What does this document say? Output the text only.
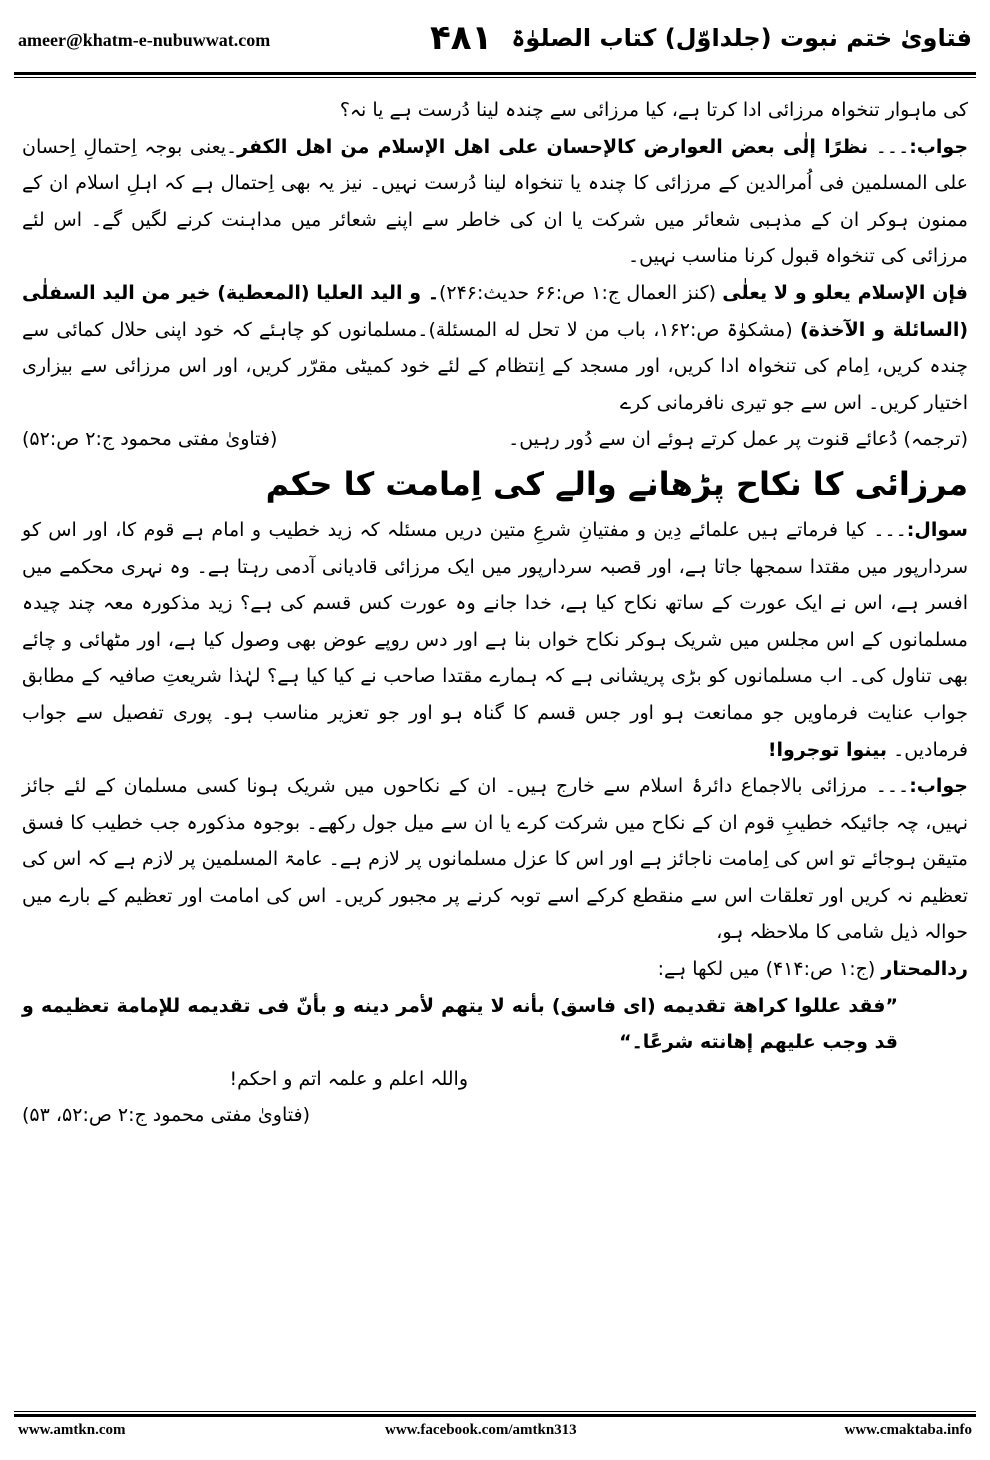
ameer@khatm-e-nubuwwat.com	۴۸۱ فتاویٰ ختم نبوت (جلداوّل) کتاب الصلوٰۃ

کی ماہوار تنخواہ مرزائی ادا کرتا ہے، کیا مرزائی سے چندہ لینا دُرست ہے یا نہ؟

جواب:۔۔۔ نظرًا إلٰی بعض العوارض کالإحسان علی اھل الإسلام من اھل الکفر۔یعنی بوجہ اِحتمالِ اِحسان علی المسلمین فی اُمرالدین کے مرزائی کا چندہ یا تنخواہ لینا دُرست نہیں۔ نیز یہ بھی اِحتمال ہے کہ اہلِ اسلام ان کے ممنون ہوکر ان کے مذہبی شعائر میں شرکت یا ان کی خاطر سے اپنے شعائر میں مداہنت کرنے لگیں گے۔ اس لئے مرزائی کی تنخواہ قبول کرنا مناسب نہیں۔

فإن الإسلام یعلو و لا یعلٰی (کنز العمال ج:۱ ص:۶۶ حدیث:۲۴۶)۔ و الید العلیا (المعطیة) خیر من الید السفلٰی (السائلة و الآخذة) (مشکوٰۃ ص:۱۶۲، باب من لا تحل له المسئلة)۔مسلمانوں کو چاہئے کہ خود اپنی حلال کمائی سے چندہ کریں، اِمام کی تنخواہ ادا کریں، اور مسجد کے اِنتظام کے لئے خود کمیٹی مقرّر کریں، اور اس مرزائی سے بیزاری اختیار کریں۔ اس سے جو تیری نافرمانی کرے

(ترجمہ) دُعائے قنوت پر عمل کرتے ہوئے ان سے دُور رہیں۔
(فتاویٰ مفتی محمود ج:۲ ص:۵۲)
مرزائی کا نکاح پڑھانے والے کی اِمامت کا حکم

سوال:۔۔۔ کیا فرماتے ہیں علمائے دِین و مفتیانِ شرعِ متین دریں مسئلہ کہ زید خطیب و امام ہے قوم کا، اور اس کو سردارپور میں مقتدا سمجھا جاتا ہے، اور قصبہ سردارپور میں ایک مرزائی قادیانی آدمی رہتا ہے۔ وہ نہری محکمے میں افسر ہے، اس نے ایک عورت کے ساتھ نکاح کیا ہے، خدا جانے وہ عورت کس قسم کی ہے؟ زید مذکورہ معہ چند چیدہ مسلمانوں کے اس مجلس میں شریک ہوکر نکاح خواں بنا ہے اور دس روپے عوض بھی وصول کیا ہے، اور مٹھائی و چائے بھی تناول کی۔ اب مسلمانوں کو بڑی پریشانی ہے کہ ہمارے مقتدا صاحب نے کیا کیا ہے؟ لہٰذا شریعتِ صافیہ کے مطابق جواب عنایت فرماویں جو ممانعت ہو اور جس قسم کا گناہ ہو اور جو تعزیر مناسب ہو۔ پوری تفصیل سے جواب فرمادیں۔ بینوا توجروا!

جواب:۔۔۔ مرزائی بالاجماع دائرۂ اسلام سے خارج ہیں۔ ان کے نکاحوں میں شریک ہونا کسی مسلمان کے لئے جائز نہیں، چہ جائیکہ خطیبِ قوم ان کے نکاح میں شرکت کرے یا ان سے میل جول رکھے۔ بوجوہ مذکورہ جب خطیب کا فسق متیقن ہوجائے تو اس کی اِمامت ناجائز ہے اور اس کا عزل مسلمانوں پر لازم ہے۔ عامۃ المسلمین پر لازم ہے کہ اس کی تعظیم نہ کریں اور تعلقات اس سے منقطع کرکے اسے توبہ کرنے پر مجبور کریں۔ اس کی امامت اور تعظیم کے بارے میں حوالہ ذیل شامی کا ملاحظہ ہو،

ردالمحتار (ج:۱ ص:۴۱۴) میں لکھا ہے:

”فقد عللوا کراهة تقدیمه (ای فاسق) بأنه لا یتهم لأمر دینه و بأنّ فی تقدیمه للإمامة تعظیمه و قد وجب علیهم إهانته شرعًا۔“

واللہ اعلم و علمہ اتم و احکم!

(فتاویٰ مفتی محمود ج:۲ ص:۵۲، ۵۳)

www.amtkn.com	www.facebook.com/amtkn313	www.cmaktaba.info
